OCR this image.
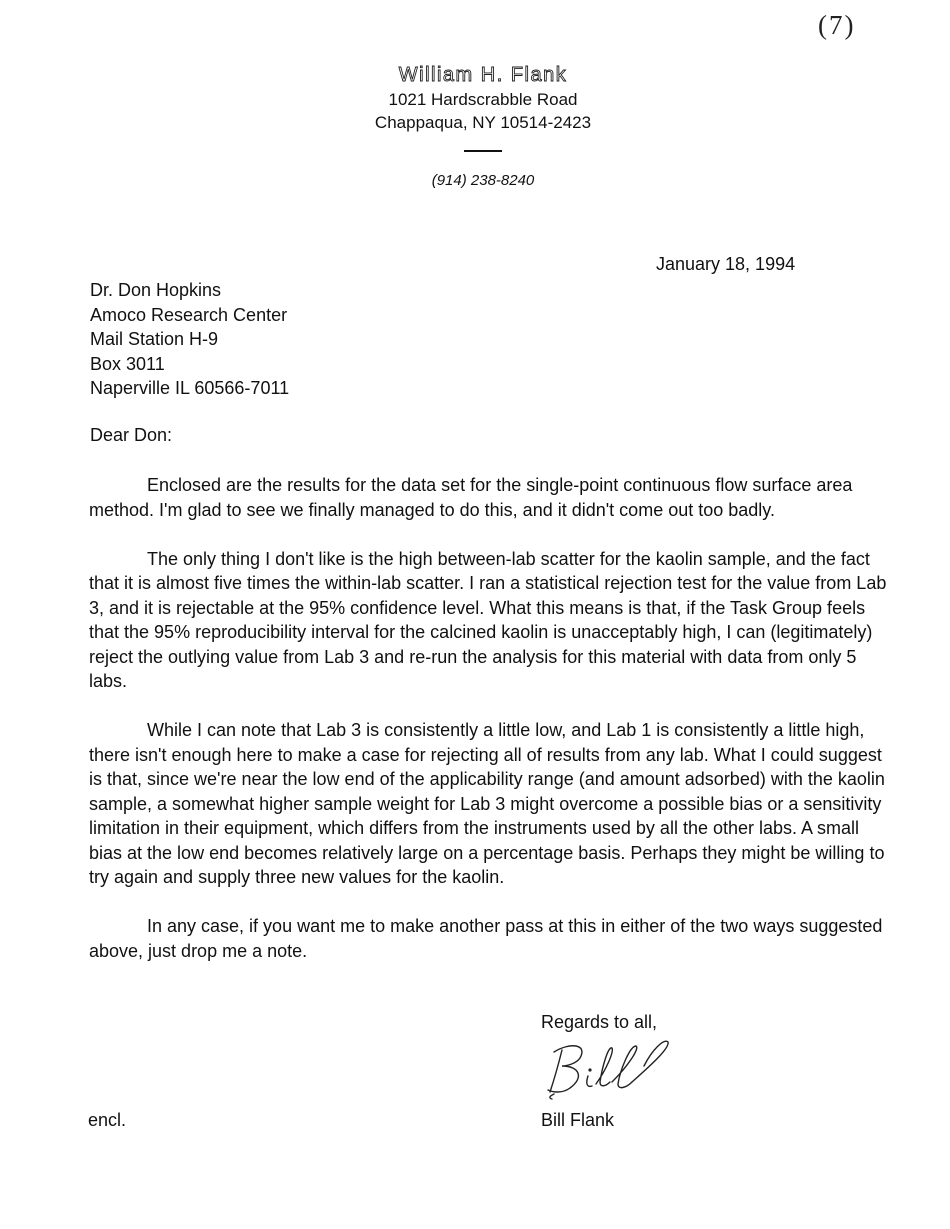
(7)
William H. Flank
1021 Hardscrabble Road
Chappaqua, NY 10514-2423
(914) 238-8240
January 18, 1994
Dr. Don Hopkins
Amoco Research Center
Mail Station H-9
Box 3011
Naperville IL 60566-7011
Dear Don:

Enclosed are the results for the data set for the single-point continuous flow surface area method. I'm glad to see we finally managed to do this, and it didn't come out too badly.

The only thing I don't like is the high between-lab scatter for the kaolin sample, and the fact that it is almost five times the within-lab scatter. I ran a statistical rejection test for the value from Lab 3, and it is rejectable at the 95% confidence level. What this means is that, if the Task Group feels that the 95% reproducibility interval for the calcined kaolin is unacceptably high, I can (legitimately) reject the outlying value from Lab 3 and re-run the analysis for this material with data from only 5 labs.

While I can note that Lab 3 is consistently a little low, and Lab 1 is consistently a little high, there isn't enough here to make a case for rejecting all of results from any lab. What I could suggest is that, since we're near the low end of the applicability range (and amount adsorbed) with the kaolin sample, a somewhat higher sample weight for Lab 3 might overcome a possible bias or a sensitivity limitation in their equipment, which differs from the instruments used by all the other labs. A small bias at the low end becomes relatively large on a percentage basis. Perhaps they might be willing to try again and supply three new values for the kaolin.

In any case, if you want me to make another pass at this in either of the two ways suggested above, just drop me a note.

Regards to all,
Bill Flank
encl.
